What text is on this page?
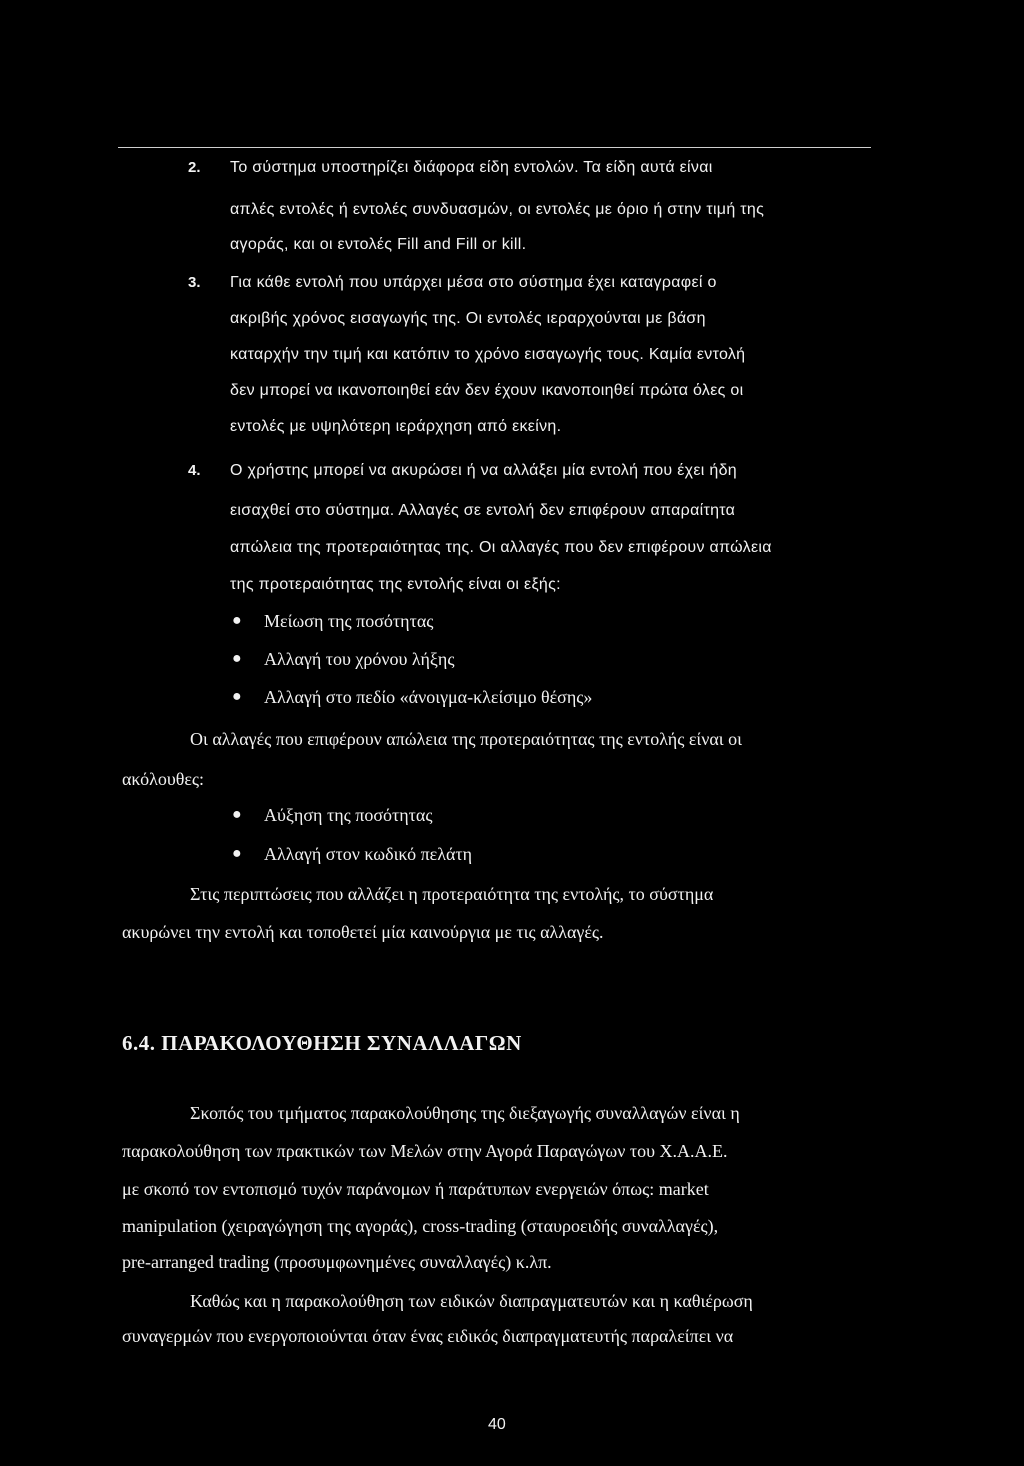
2. Το σύστημα υποστηρίζει διάφορα είδη εντολών. Τα είδη αυτά είναι
απλές εντολές ή εντολές συνδυασμών, οι εντολές με όριο ή στην τιμή της
αγοράς, και οι εντολές Fill and Fill or kill.
3. Για κάθε εντολή που υπάρχει μέσα στο σύστημα έχει καταγραφεί ο
ακριβής χρόνος εισαγωγής της. Οι εντολές ιεραρχούνται με βάση
καταρχήν την τιμή και κατόπιν το χρόνο εισαγωγής τους. Καμία εντολή
δεν μπορεί να ικανοποιηθεί εάν δεν έχουν ικανοποιηθεί πρώτα όλες οι
εντολές με υψηλότερη ιεράρχηση από εκείνη.
4. Ο χρήστης μπορεί να ακυρώσει ή να αλλάξει μία εντολή που έχει ήδη
εισαχθεί στο σύστημα. Αλλαγές σε εντολή δεν επιφέρουν απαραίτητα
απώλεια της προτεραιότητας της. Οι αλλαγές που δεν επιφέρουν απώλεια
της προτεραιότητας της εντολής είναι οι εξής:
● Μείωση της ποσότητας
● Αλλαγή του χρόνου λήξης
● Αλλαγή στο πεδίο «άνοιγμα-κλείσιμο θέσης»
Οι αλλαγές που επιφέρουν απώλεια της προτεραιότητας της εντολής είναι οι
ακόλουθες:
● Αύξηση της ποσότητας
● Αλλαγή στον κωδικό πελάτη
Στις περιπτώσεις που αλλάζει η προτεραιότητα της εντολής, το σύστημα
ακυρώνει την εντολή και τοποθετεί μία καινούργια με τις αλλαγές.
6.4. ΠΑΡΑΚΟΛΟΥΘΗΣΗ ΣΥΝΑΛΛΑΓΩΝ
Σκοπός του τμήματος παρακολούθησης της διεξαγωγής συναλλαγών είναι η
παρακολούθηση των πρακτικών των Μελών στην Αγορά Παραγώγων του Χ.Α.Α.Ε.
με σκοπό τον εντοπισμό τυχόν παράνομων ή παράτυπων ενεργειών όπως: market
manipulation (χειραγώγηση της αγοράς), cross-trading (σταυροειδής συναλλαγές),
pre-arranged trading (προσυμφωνημένες συναλλαγές) κ.λπ.
Καθώς και η παρακολούθηση των ειδικών διαπραγματευτών και η καθιέρωση
συναγερμών που ενεργοποιούνται όταν ένας ειδικός διαπραγματευτής παραλείπει να
40
